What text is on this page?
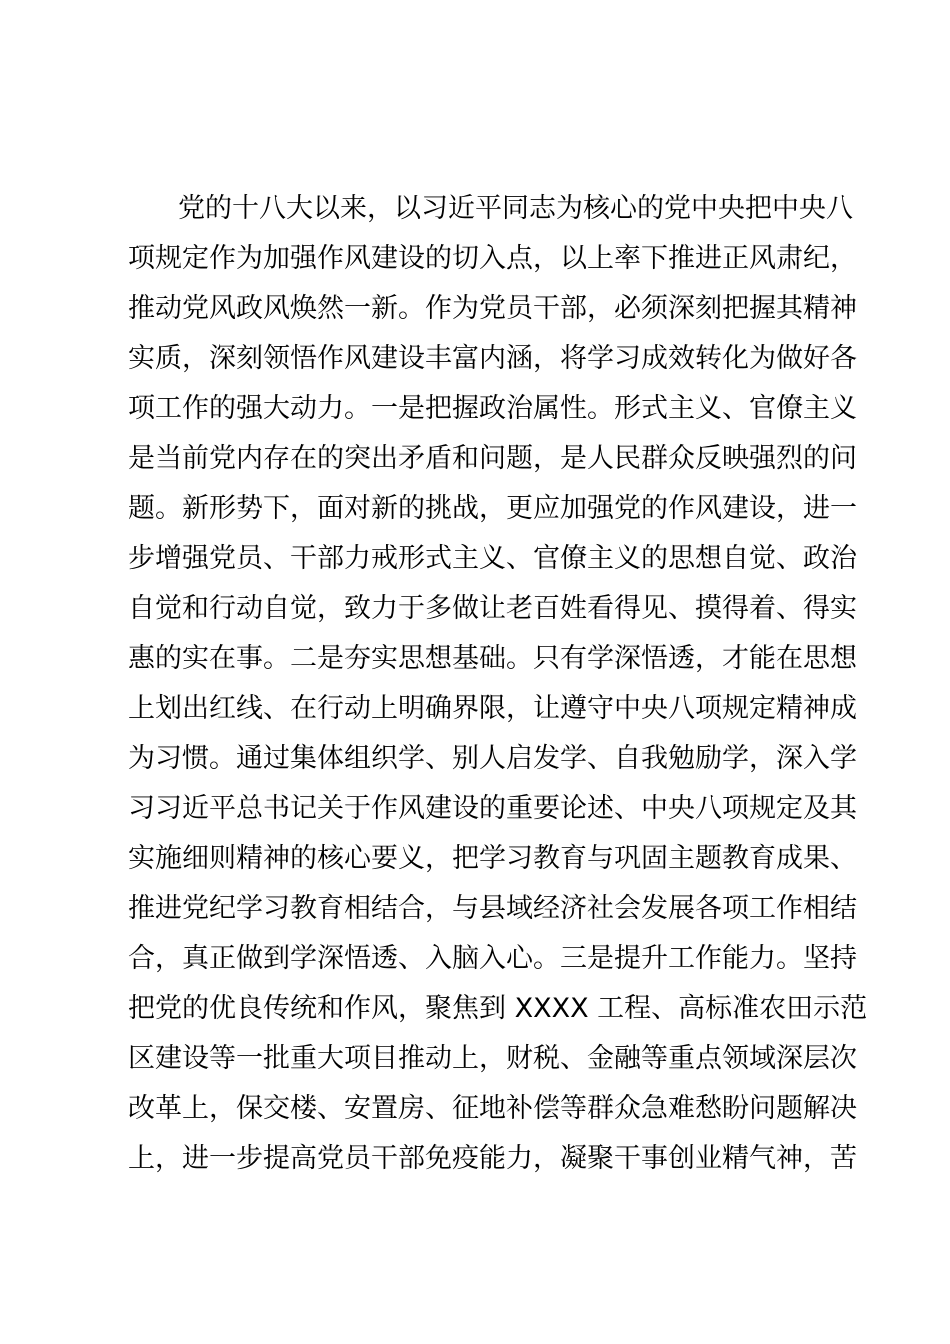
党的十八大以来，以习近平同志为核心的党中央把中央八
项规定作为加强作风建设的切入点，以上率下推进正风肃纪，
推动党风政风焕然一新。作为党员干部，必须深刻把握其精神
实质，深刻领悟作风建设丰富内涵，将学习成效转化为做好各
项工作的强大动力。一是把握政治属性。形式主义、官僚主义
是当前党内存在的突出矛盾和问题，是人民群众反映强烈的问
题。新形势下，面对新的挑战，更应加强党的作风建设，进一
步增强党员、干部力戒形式主义、官僚主义的思想自觉、政治
自觉和行动自觉，致力于多做让老百姓看得见、摸得着、得实
惠的实在事。二是夯实思想基础。只有学深悟透，才能在思想
上划出红线、在行动上明确界限，让遵守中央八项规定精神成
为习惯。通过集体组织学、别人启发学、自我勉励学，深入学
习习近平总书记关于作风建设的重要论述、中央八项规定及其
实施细则精神的核心要义，把学习教育与巩固主题教育成果、
推进党纪学习教育相结合，与县域经济社会发展各项工作相结
合，真正做到学深悟透、入脑入心。三是提升工作能力。坚持
把党的优良传统和作风，聚焦到 XXXX 工程、高标准农田示范
区建设等一批重大项目推动上，财税、金融等重点领域深层次
改革上，保交楼、安置房、征地补偿等群众急难愁盼问题解决
上，进一步提高党员干部免疫能力，凝聚干事创业精气神，苦
